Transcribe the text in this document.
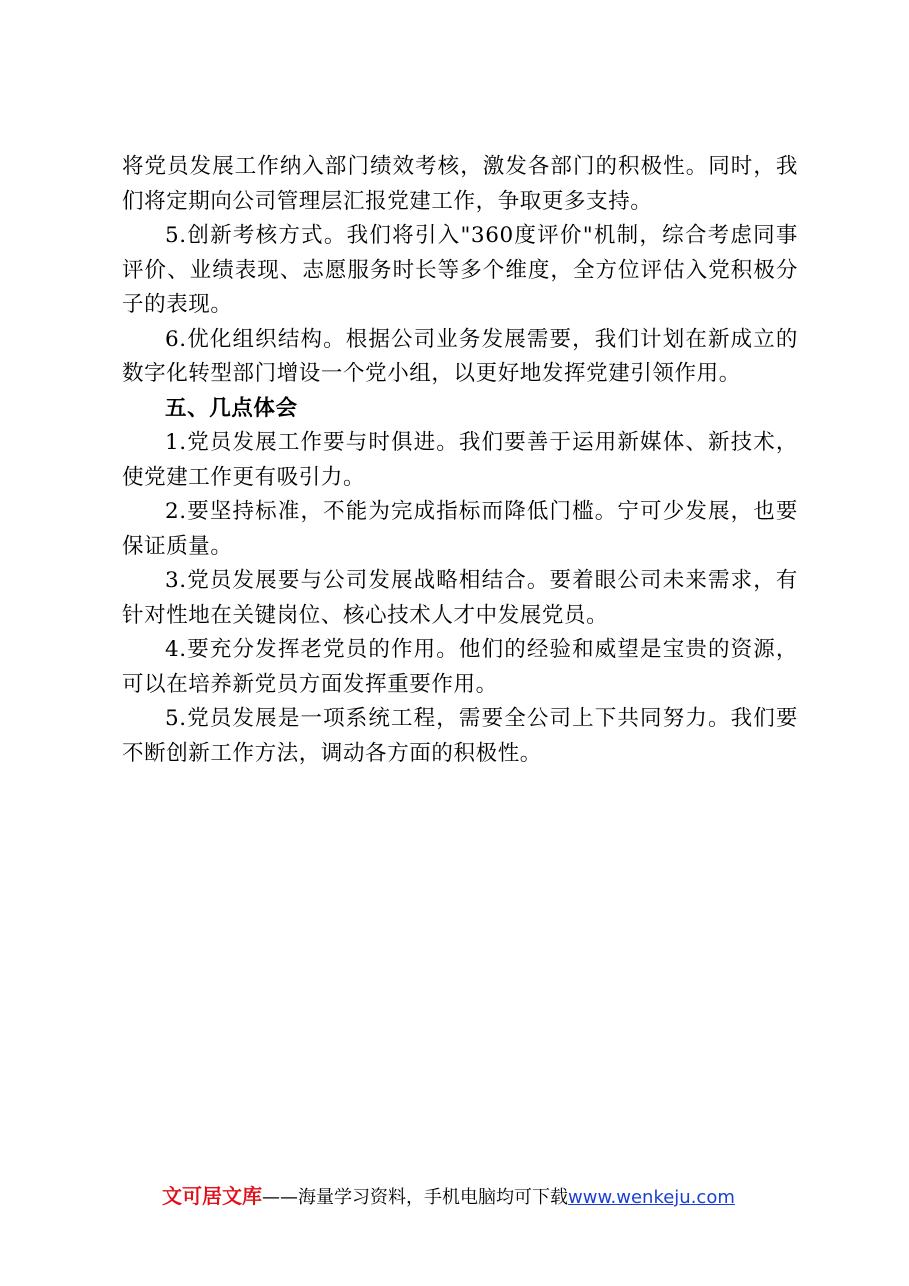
将党员发展工作纳入部门绩效考核，激发各部门的积极性。同时，我们将定期向公司管理层汇报党建工作，争取更多支持。

5.创新考核方式。我们将引入"360度评价"机制，综合考虑同事评价、业绩表现、志愿服务时长等多个维度，全方位评估入党积极分子的表现。

6.优化组织结构。根据公司业务发展需要，我们计划在新成立的数字化转型部门增设一个党小组，以更好地发挥党建引领作用。

五、几点体会

1.党员发展工作要与时俱进。我们要善于运用新媒体、新技术，使党建工作更有吸引力。

2.要坚持标准，不能为完成指标而降低门槛。宁可少发展，也要保证质量。

3.党员发展要与公司发展战略相结合。要着眼公司未来需求，有针对性地在关键岗位、核心技术人才中发展党员。

4.要充分发挥老党员的作用。他们的经验和威望是宝贵的资源，可以在培养新党员方面发挥重要作用。

5.党员发展是一项系统工程，需要全公司上下共同努力。我们要不断创新工作方法，调动各方面的积极性。

文可居文库——海量学习资料，手机电脑均可下载www.wenkeju.com
